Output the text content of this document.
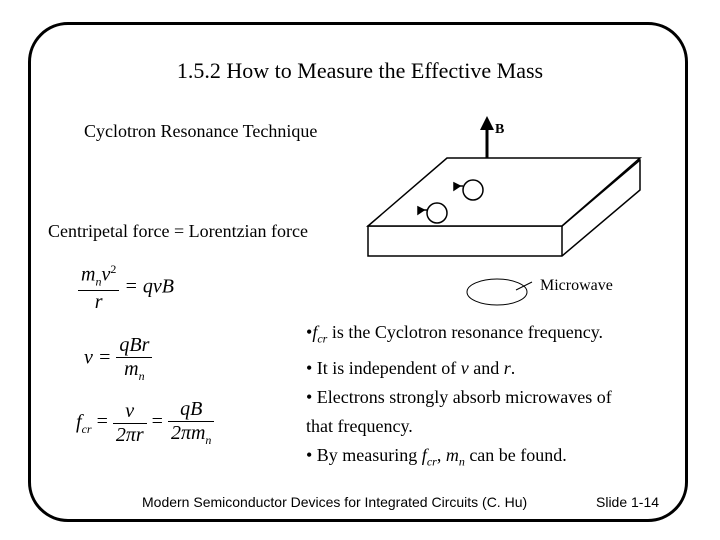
1.5.2 How to Measure the Effective Mass
Cyclotron Resonance Technique
Centripetal force = Lorentzian force
B
Microwave
$\frac{m_nv^2}{r}$ = qvB
$v = \frac{\text{qBr}}{m_n}$
$f_{cr} = \frac{v}{2\pi r} = \frac{qB}{2\pi m_n}$
$•f_{cr}$ is the Cyclotron resonance frequency.
• It is independent of v and r.
• Electrons strongly absorb microwaves of
that frequency.
• By measuring $f_{cr}$, $m_n$ can be found.
Modern Semiconductor Devices for Integrated Circuits (C. Hu)	Slide 1-14
